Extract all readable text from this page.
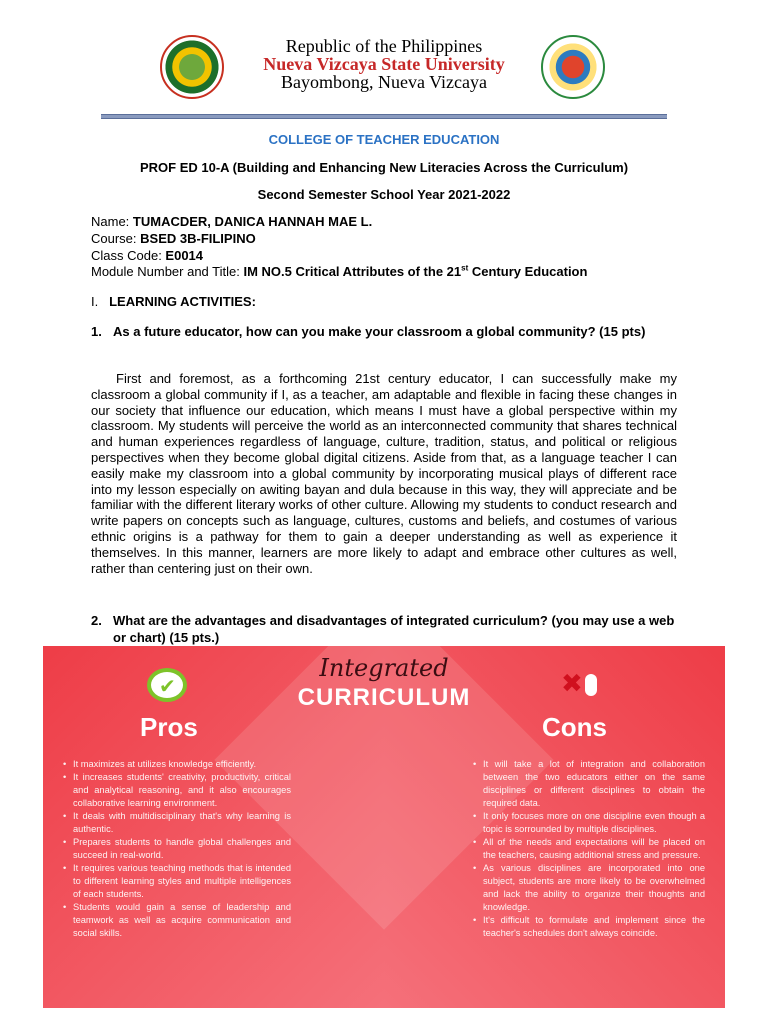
Republic of the Philippines
Nueva Vizcaya State University
Bayombong, Nueva Vizcaya
COLLEGE OF TEACHER EDUCATION
PROF ED 10-A (Building and Enhancing New Literacies Across the Curriculum)
Second Semester School Year 2021-2022
Name: TUMACDER, DANICA HANNAH MAE L.
Course: BSED 3B-FILIPINO
Class Code: E0014
Module Number and Title: IM NO.5 Critical Attributes of the 21st Century Education
I. LEARNING ACTIVITIES:
1. As a future educator, how can you make your classroom a global community? (15 pts)
First and foremost, as a forthcoming 21st century educator, I can successfully make my classroom a global community if I, as a teacher, am adaptable and flexible in facing these changes in our society that influence our education, which means I must have a global perspective within my classroom. My students will perceive the world as an interconnected community that shares technical and human experiences regardless of language, culture, tradition, status, and political or religious perspectives when they become global digital citizens. Aside from that, as a language teacher I can easily make my classroom into a global community by incorporating musical plays of different race into my lesson especially on awiting bayan and dula because in this way, they will appreciate and be familiar with the different literary works of other culture. Allowing my students to conduct research and write papers on concepts such as language, cultures, customs and beliefs, and costumes of various ethnic origins is a pathway for them to gain a deeper understanding as well as experience it themselves. In this manner, learners are more likely to adapt and embrace other cultures as well, rather than centering just on their own.
2. What are the advantages and disadvantages of integrated curriculum? (you may use a web or chart) (15 pts.)
Integrated
CURRICULUM
✔
✖
Pros	Cons
• It maximizes at utilizes knowledge efficiently.
• It increases students' creativity, productivity, critical and analytical reasoning, and it also encourages collaborative learning environment.
• It deals with multidisciplinary that's why learning is authentic.
• Prepares students to handle global challenges and succeed in real-world.
• It requires various teaching methods that is intended to different learning styles and multiple intelligences of each students.
• Students would gain a sense of leadership and teamwork as well as acquire communication and social skills.
• It will take a lot of integration and collaboration between the two educators either on the same disciplines or different disciplines to obtain the required data.
• It only focuses more on one discipline even though a topic is sorrounded by multiple disciplines.
• All of the needs and expectations will be placed on the teachers, causing additional stress and pressure.
• As various disciplines are incorporated into one subject, students are more likely to be overwhelmed and lack the ability to organize their thoughts and knowledge.
• It's difficult to formulate and implement since the teacher's schedules don't always coincide.
